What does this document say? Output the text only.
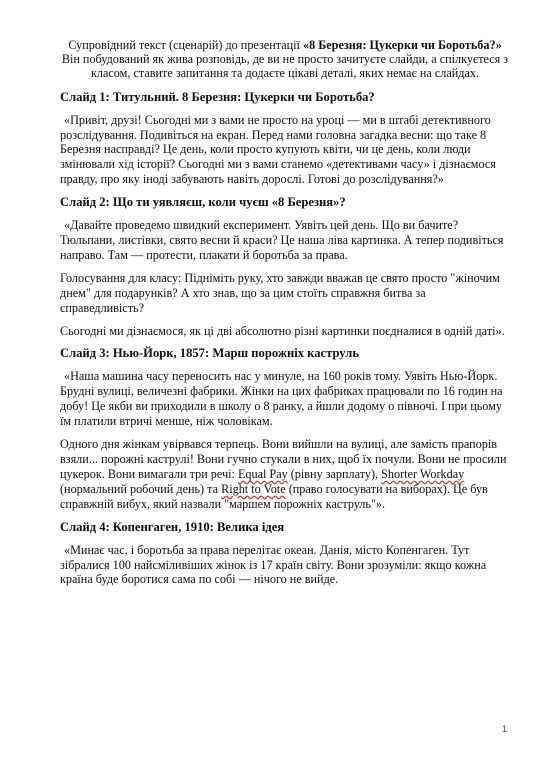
Супровідний текст (сценарій) до презентації «8 Березня: Цукерки чи Боротьба?» Він побудований як жива розповідь, де ви не просто зачитуєте слайди, а спілкуєтеся з класом, ставите запитання та додаєте цікаві деталі, яких немає на слайдах.

Слайд 1: Титульний. 8 Березня: Цукерки чи Боротьба?

«Привіт, друзі! Сьогодні ми з вами не просто на уроці — ми в штабі детективного розслідування. Подивіться на екран. Перед нами головна загадка весни: що таке 8 Березня насправді? Це день, коли просто купують квіти, чи це день, коли люди змінювали хід історії? Сьогодні ми з вами станемо «детективами часу» і дізнаємося правду, про яку іноді забувають навіть дорослі. Готові до розслідування?»

Слайд 2: Що ти уявляєш, коли чуєш «8 Березня»?

«Давайте проведемо швидкий експеримент. Уявіть цей день. Що ви бачите? Тюльпани, листівки, свято весни й краси? Це наша ліва картинка. А тепер подивіться направо. Там — протести, плакати й боротьба за права.

Голосування для класу: Підніміть руку, хто завжди вважав це свято просто "жіночим днем" для подарунків? А хто знав, що за цим стоїть справжня битва за справедливість?

Сьогодні ми дізнаємося, як ці дві абсолютно різні картинки поєдналися в одній даті».

Слайд 3: Нью-Йорк, 1857: Марш порожніх каструль

«Наша машина часу переносить нас у минуле, на 160 років тому. Уявіть Нью-Йорк. Брудні вулиці, величезні фабрики. Жінки на цих фабриках працювали по 16 годин на добу! Це якби ви приходили в школу о 8 ранку, а йшли додому о півночі. І при цьому їм платили втричі менше, ніж чоловікам.

Одного дня жінкам увірвався терпець. Вони вийшли на вулиці, але замість прапорів взяли... порожні каструлі! Вони гучно стукали в них, щоб їх почули. Вони не просили цукерок. Вони вимагали три речі: Equal Pay (рівну зарплату), Shorter Workday (нормальний робочий день) та Right to Vote (право голосувати на виборах). Це був справжній вибух, який назвали "маршем порожніх каструль"».

Слайд 4: Копенгаген, 1910: Велика ідея

«Минає час, і боротьба за права перелітає океан. Данія, місто Копенгаген. Тут зібралися 100 найсміливіших жінок із 17 країн світу. Вони зрозуміли: якщо кожна країна буде боротися сама по собі — нічого не вийде.

1
